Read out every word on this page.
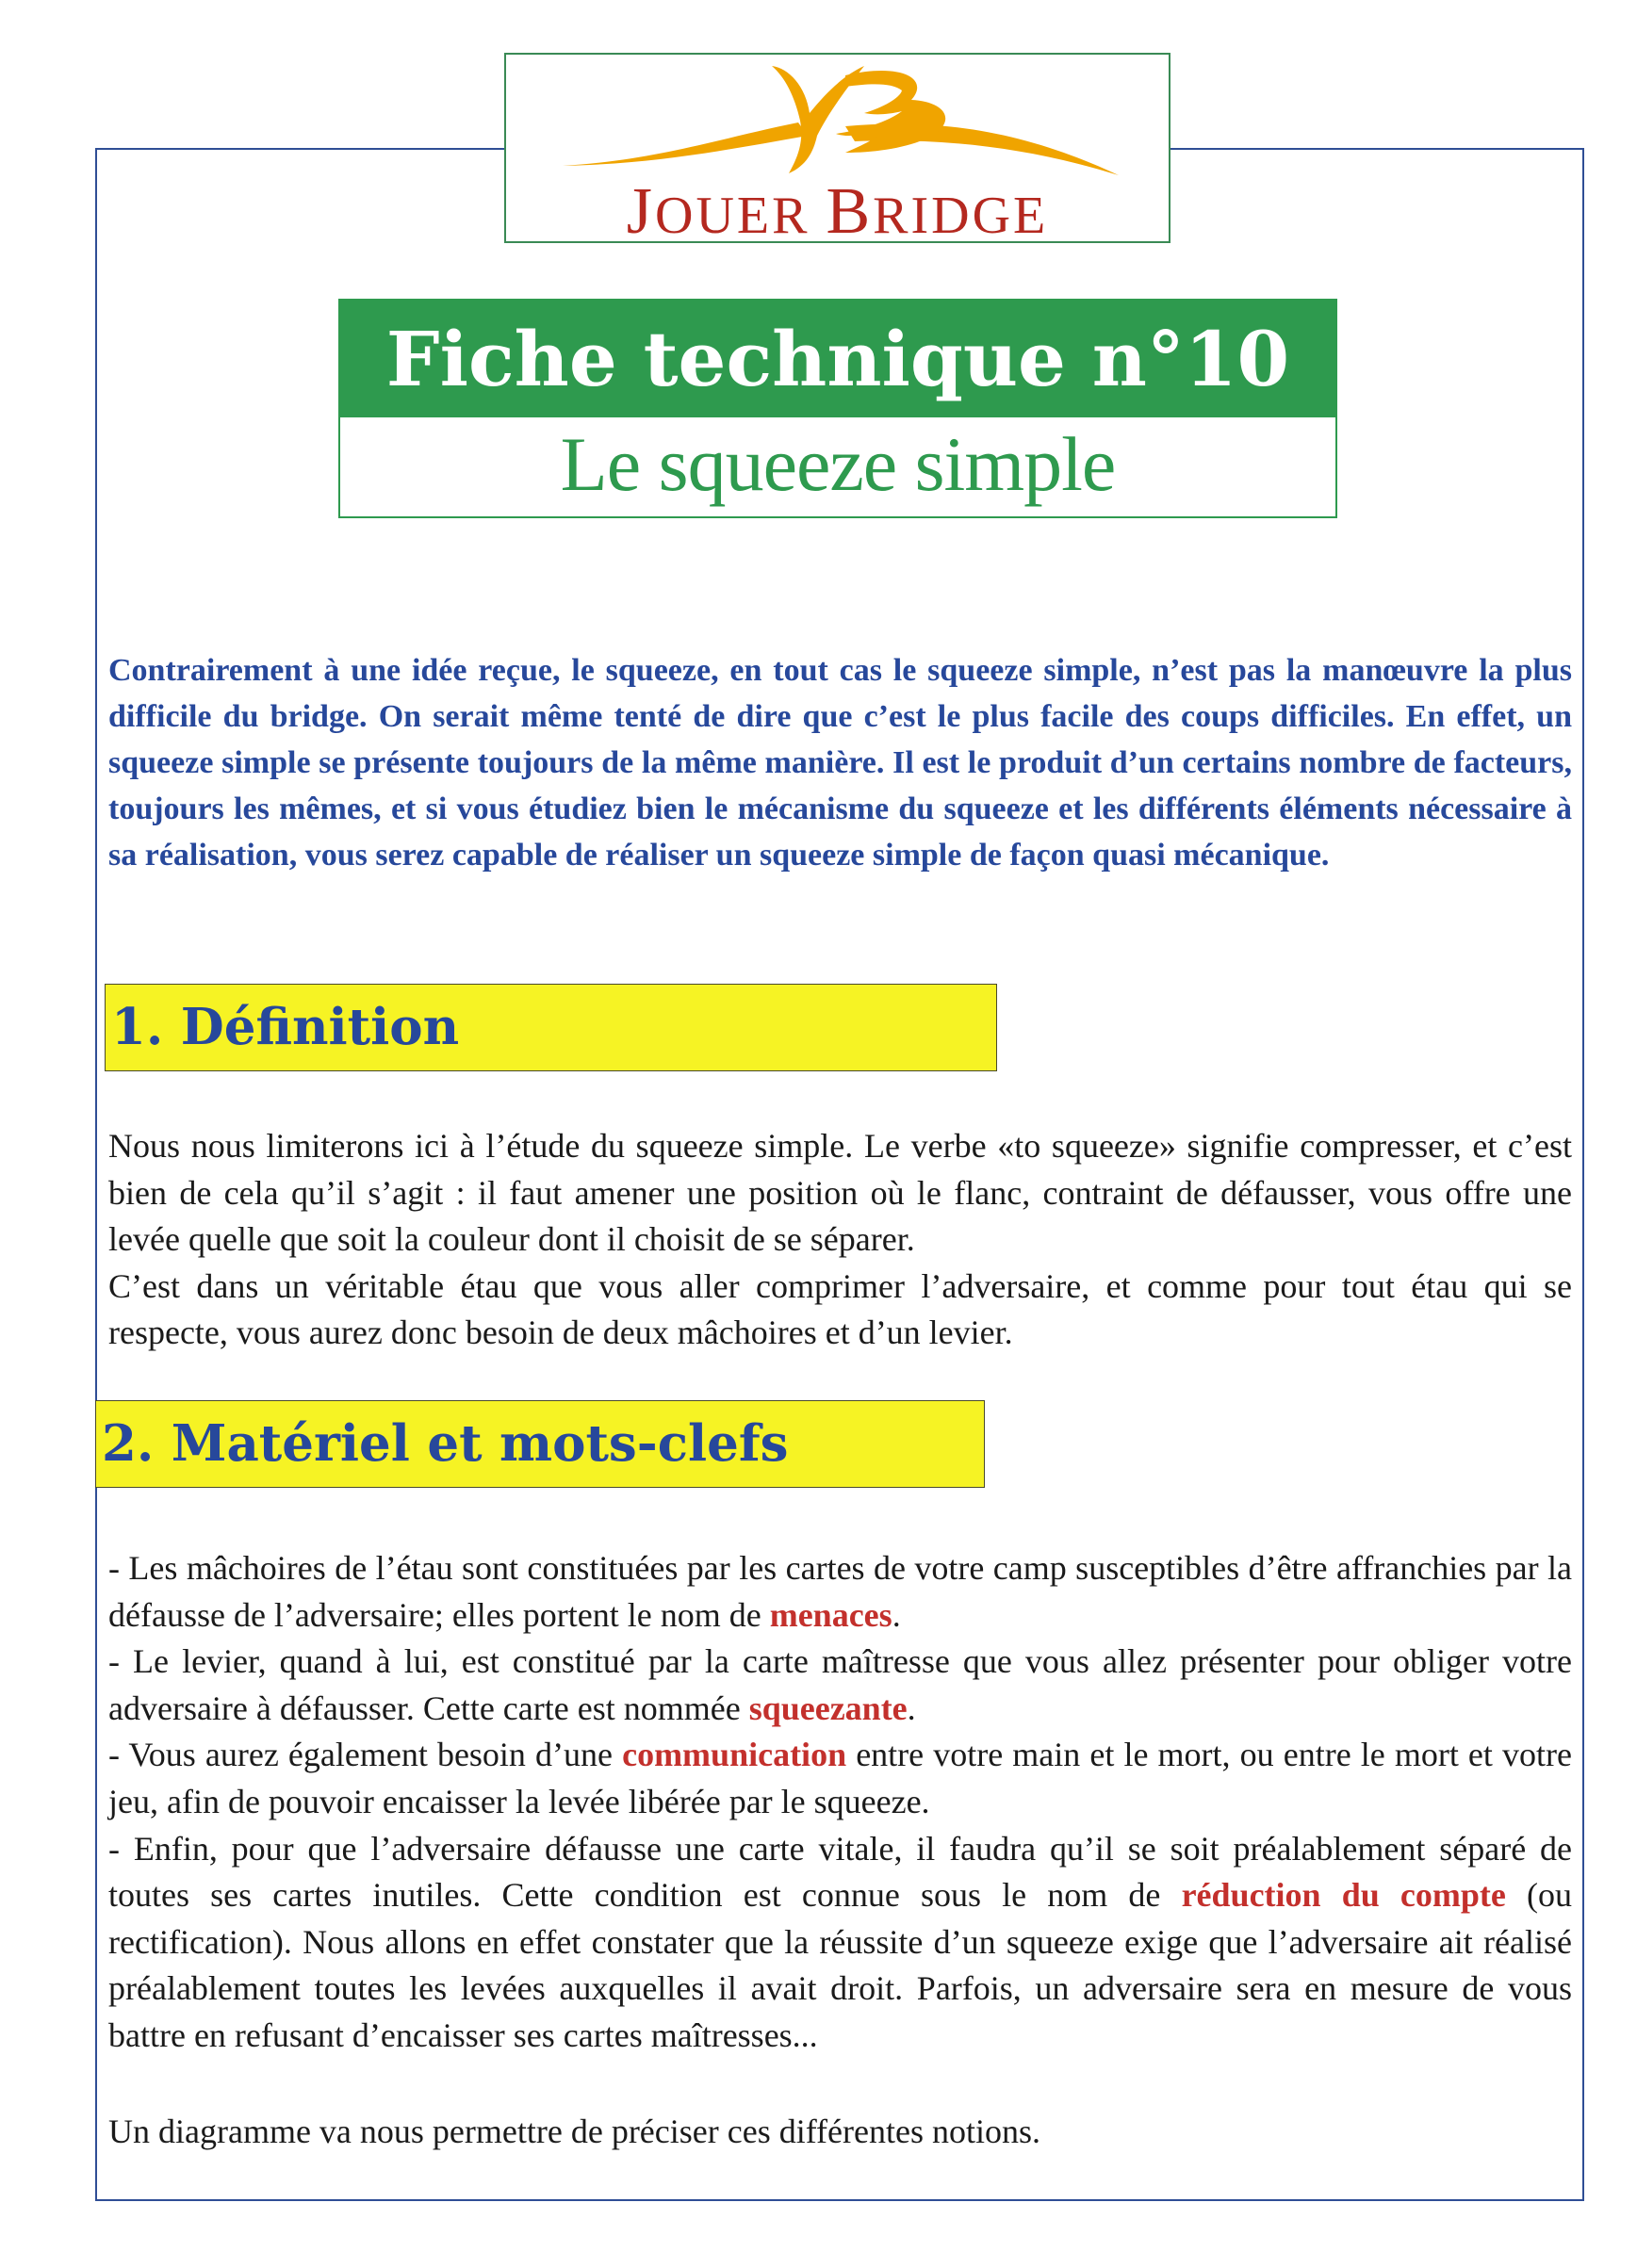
JOUER BRIDGE
Fiche technique n°10
Le squeeze simple

Contrairement à une idée reçue, le squeeze, en tout cas le squeeze simple, n’est pas la manœuvre la plus difficile du bridge. On serait même tenté de dire que c’est le plus facile des coups difficiles. En effet, un squeeze simple se présente toujours de la même manière. Il est le produit d’un certains nombre de facteurs, toujours les mêmes, et si vous étudiez bien le mécanisme du squeeze et les différents éléments nécessaire à sa réalisation, vous serez capable de réaliser un squeeze simple de façon quasi mécanique.

1. Définition

Nous nous limiterons ici à l’étude du squeeze simple. Le verbe «to squeeze» signifie compresser, et c’est bien de cela qu’il s’agit : il faut amener une position où le flanc, contraint de défausser, vous offre une levée quelle que soit la couleur dont il choisit de se séparer.

C’est dans un véritable étau que vous aller comprimer l’adversaire, et comme pour tout étau qui se respecte, vous aurez donc besoin de deux mâchoires et d’un levier.

2. Matériel et mots-clefs

- Les mâchoires de l’étau sont constituées par les cartes de votre camp susceptibles d’être affranchies par la défausse de l’adversaire; elles portent le nom de menaces.

- Le levier, quand à lui, est constitué par la carte maîtresse que vous allez présenter pour obliger votre adversaire à défausser. Cette carte est nommée squeezante.

- Vous aurez également besoin d’une communication entre votre main et le mort, ou entre le mort et votre jeu, afin de pouvoir encaisser la levée libérée par le squeeze.

- Enfin, pour que l’adversaire défausse une carte vitale, il faudra qu’il se soit préalablement séparé de toutes ses cartes inutiles. Cette condition est connue sous le nom de réduction du compte (ou rectification). Nous allons en effet constater que la réussite d’un squeeze exige que l’adversaire ait réalisé préalablement toutes les levées auxquelles il avait droit. Parfois, un adversaire sera en mesure de vous battre en refusant d’encaisser ses cartes maîtresses...

Un diagramme va nous permettre de préciser ces différentes notions.
